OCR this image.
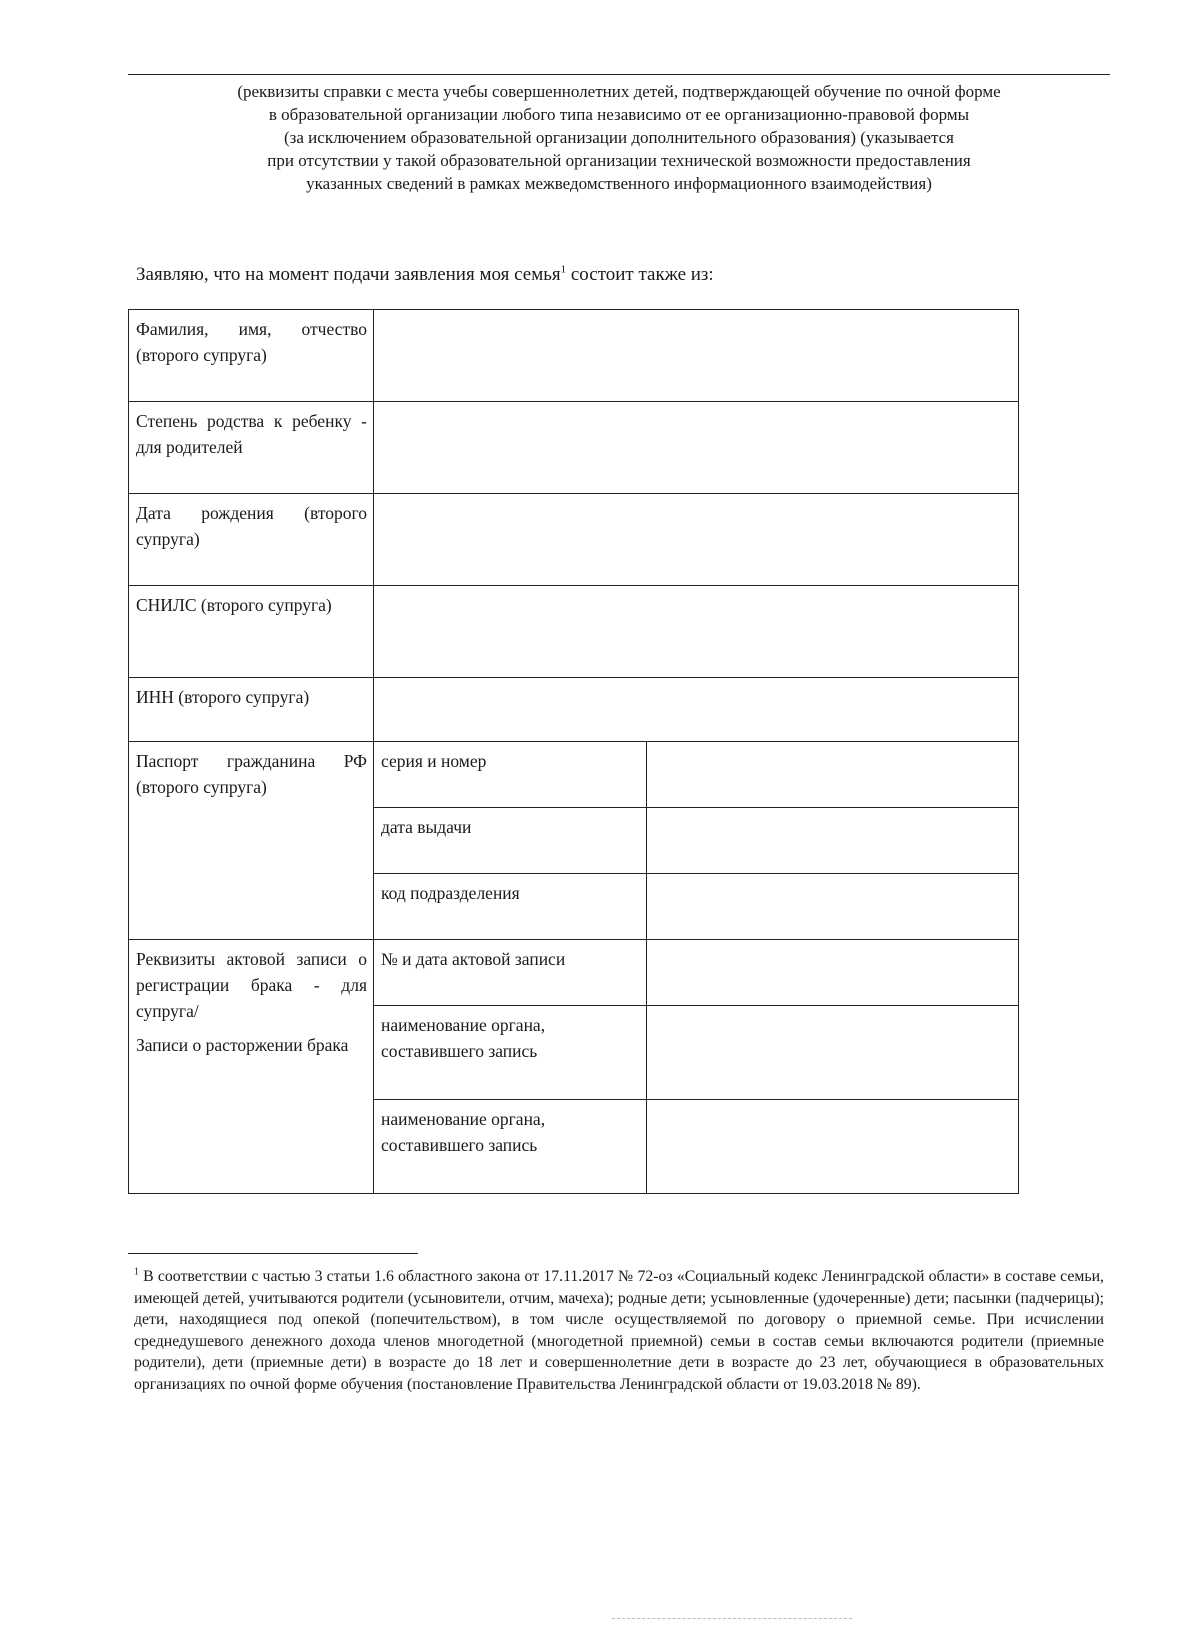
(реквизиты справки с места учебы совершеннолетних детей, подтверждающей обучение по очной форме
в образовательной организации любого типа независимо от ее организационно-правовой формы
(за исключением образовательной организации дополнительного образования) (указывается
при отсутствии у такой образовательной организации технической возможности предоставления
указанных сведений в рамках межведомственного информационного взаимодействия)
Заявляю, что на момент подачи заявления моя семья$^1$ состоит также из:
Фамилия, имя, отчество (второго супруга)		
Степень родства к ребенку - для родителей		
Дата рождения (второго супруга)		
СНИЛС (второго супруга)		
ИНН (второго супруга)		
Паспорт гражданина РФ (второго супруга)	серия и номер	
	дата выдачи	
	код подразделения	

Реквизиты актовой записи о регистрации брака - для супруга/
Записи о расторжении брака	№ и дата актовой записи	
	наименование органа, составившего запись	
	наименование органа, составившего запись	
$^1$ В соответствии с частью 3 статьи 1.6 областного закона от 17.11.2017 № 72-оз «Социальный кодекс Ленинградской области» в составе семьи, имеющей детей, учитываются родители (усыновители, отчим, мачеха); родные дети; усыновленные (удочеренные) дети; пасынки (падчерицы); дети, находящиеся под опекой (попечительством), в том числе осуществляемой по договору о приемной семье. При исчислении среднедушевого денежного дохода членов многодетной (многодетной приемной) семьи в состав семьи включаются родители (приемные родители), дети (приемные дети) в возрасте до 18 лет и совершеннолетние дети в возрасте до 23 лет, обучающиеся в образовательных организациях по очной форме обучения (постановление Правительства Ленинградской области от 19.03.2018 № 89).
